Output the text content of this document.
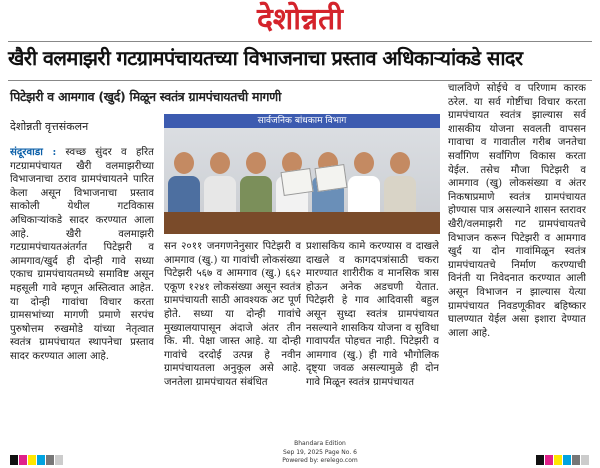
देशोन्नती
खैरी वलमाझरी गटग्रामपंचायतच्या विभाजनाचा प्रस्ताव अधिकाऱ्यांकडे सादर
पिटेझरी व आमगाव (खुर्द) मिळून स्वतंत्र ग्रामपंचायतची मागणी
देशोन्नती वृत्तसंकलन
संदूरवाडा : स्वच्छ सुंदर व हरित गटग्रामपंचायत खैरी वलमाझरीच्या विभाजनाचा ठराव ग्रामपंचायतने पारित केला असून विभाजनाचा प्रस्ताव साकोली येथील गटविकास अधिकाऱ्यांकडे सादर करण्यात आला आहे. खैरी वलमाझरी गटग्रामपंचायतअंतर्गत पिटेझरी व आमगाव/खुर्द ही दोन्ही गावे सध्या एकाच ग्रामपंचायतमध्ये समाविष्ट असून महसूली गावे म्हणून अस्तित्वात आहेत. या दोन्ही गावांचा विचार करता ग्रामसभांच्या मागणी प्रमाणे सरपंच पुरुषोत्तम रुखमोडे यांच्या नेतृत्वात स्वतंत्र ग्रामपंचायत स्थापनेचा प्रस्ताव सादर करण्यात आला आहे.
सार्वजनिक बांधकाम विभाग
सन २०११ जनगणनेनुसार पिटेझरी व आमगाव (खु.) या गावांची लोकसंख्या पिटेझरी ५६७ व आमगाव (खु.) ६६२ एकूण १२४१ लोकसंख्या असून स्वतंत्र ग्रामपंचायती साठी आवश्यक अट पूर्ण होते. सध्या या दोन्ही गावांचे मुख्यालयापासून अंदाजे अंतर तीन कि. मी. पेक्षा जास्त आहे. या दोन्ही गावांचे दरदोई उत्पन्न हे नवीन ग्रामपंचायतला अनुकूल असे आहे. जनतेला ग्रामपंचायत संबंधित
प्रशासकिय कामे करण्यास व दाखले दाखले व कागदपत्रांसाठी चकरा मारण्यात शारीरीक व मानसिक त्रास होऊन अनेक अडचणी येतात. पिटेझरी हे गाव आदिवासी बहुल असून सुध्दा स्वतंत्र ग्रामपंचायत नसल्याने शासकिय योजना व सुविधा गावापर्यंत पोहचत नाही. पिटेझरी व आमगाव (खु.) ही गावे भौगोलिक दृष्ट्या जवळ असल्यामुळे ही दोन गावे मिळून स्वतंत्र ग्रामपंचायत
चालविणे सोईचे व परिणाम कारक ठरेल. या सर्व गोष्टींचा विचार करता ग्रामपंचायत स्वतंत्र झाल्यास सर्व शासकीय योजना सवलती वापसन गावाचा व गावातील गरीब जनतेचा सर्वांगिण सर्वांगिण विकास करता येईल. तसेच मौजा पिटेझरी व आमगाव (खु) लोकसंख्या व अंतर निकषाप्रमाणे स्वतंत्र ग्रामपंचायत होण्यास पात्र असल्याने शासन स्तरावर खैरी/वलमाझरी गट ग्रामपंचायतचे विभाजन करून पिटेझरी व आमगाव खुर्द या दोन गावांमिळून स्वतंत्र ग्रामपंचायतचे निर्माण करण्याची विनंती या निवेदनात करण्यात आली असून विभाजन न झाल्यास येत्या ग्रामपंचायत निवडणूकीवर बहिष्कार घालण्यात येईल असा इशारा देण्यात आला आहे.
Bhandara Edition
Sep 19, 2025 Page No. 6
Powered by: erelego.com
